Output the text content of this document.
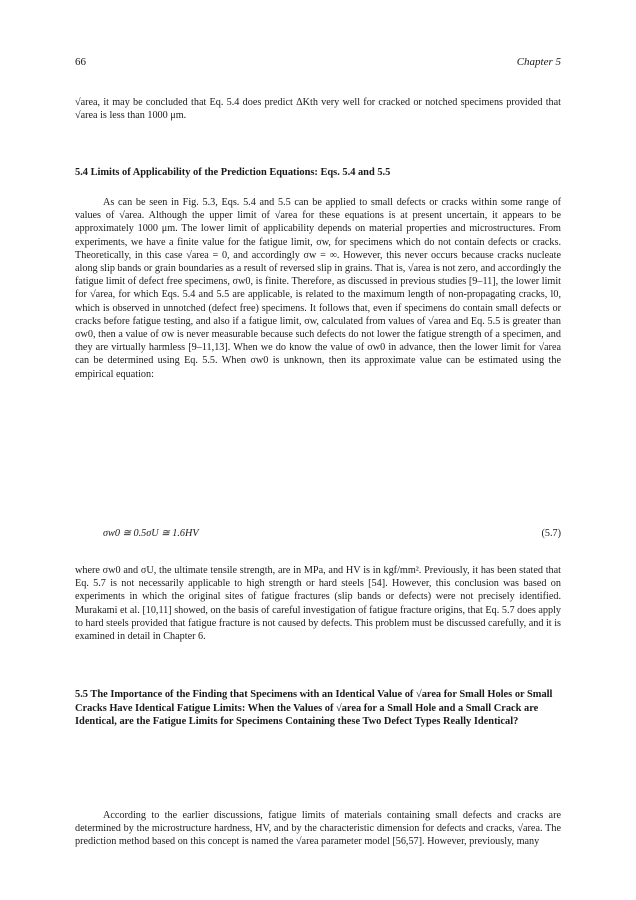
66	Chapter 5

√area, it may be concluded that Eq. 5.4 does predict ΔKth very well for cracked or notched specimens provided that √area is less than 1000 μm.

5.4 Limits of Applicability of the Prediction Equations: Eqs. 5.4 and 5.5

As can be seen in Fig. 5.3, Eqs. 5.4 and 5.5 can be applied to small defects or cracks within some range of values of √area. Although the upper limit of √area for these equations is at present uncertain, it appears to be approximately 1000 μm. The lower limit of applicability depends on material properties and microstructures. From experiments, we have a finite value for the fatigue limit, σw, for specimens which do not contain defects or cracks. Theoretically, in this case √area = 0, and accordingly σw = ∞. However, this never occurs because cracks nucleate along slip bands or grain boundaries as a result of reversed slip in grains. That is, √area is not zero, and accordingly the fatigue limit of defect free specimens, σw0, is finite. Therefore, as discussed in previous studies [9–11], the lower limit for √area, for which Eqs. 5.4 and 5.5 are applicable, is related to the maximum length of non-propagating cracks, l0, which is observed in unnotched (defect free) specimens. It follows that, even if specimens do contain small defects or cracks before fatigue testing, and also if a fatigue limit, σw, calculated from values of √area and Eq. 5.5 is greater than σw0, then a value of σw is never measurable because such defects do not lower the fatigue strength of a specimen, and they are virtually harmless [9–11,13]. When we do know the value of σw0 in advance, then the lower limit for √area can be determined using Eq. 5.5. When σw0 is unknown, then its approximate value can be estimated using the empirical equation:

σw0 ≅ 0.5σU ≅ 1.6HV	(5.7)

where σw0 and σU, the ultimate tensile strength, are in MPa, and HV is in kgf/mm². Previously, it has been stated that Eq. 5.7 is not necessarily applicable to high strength or hard steels [54]. However, this conclusion was based on experiments in which the original sites of fatigue fractures (slip bands or defects) were not precisely identified. Murakami et al. [10,11] showed, on the basis of careful investigation of fatigue fracture origins, that Eq. 5.7 does apply to hard steels provided that fatigue fracture is not caused by defects. This problem must be discussed carefully, and it is examined in detail in Chapter 6.

5.5 The Importance of the Finding that Specimens with an Identical Value of √area for Small Holes or Small Cracks Have Identical Fatigue Limits: When the Values of √area for a Small Hole and a Small Crack are Identical, are the Fatigue Limits for Specimens Containing these Two Defect Types Really Identical?

According to the earlier discussions, fatigue limits of materials containing small defects and cracks are determined by the microstructure hardness, HV, and by the characteristic dimension for defects and cracks, √area. The prediction method based on this concept is named the √area parameter model [56,57]. However, previously, many
